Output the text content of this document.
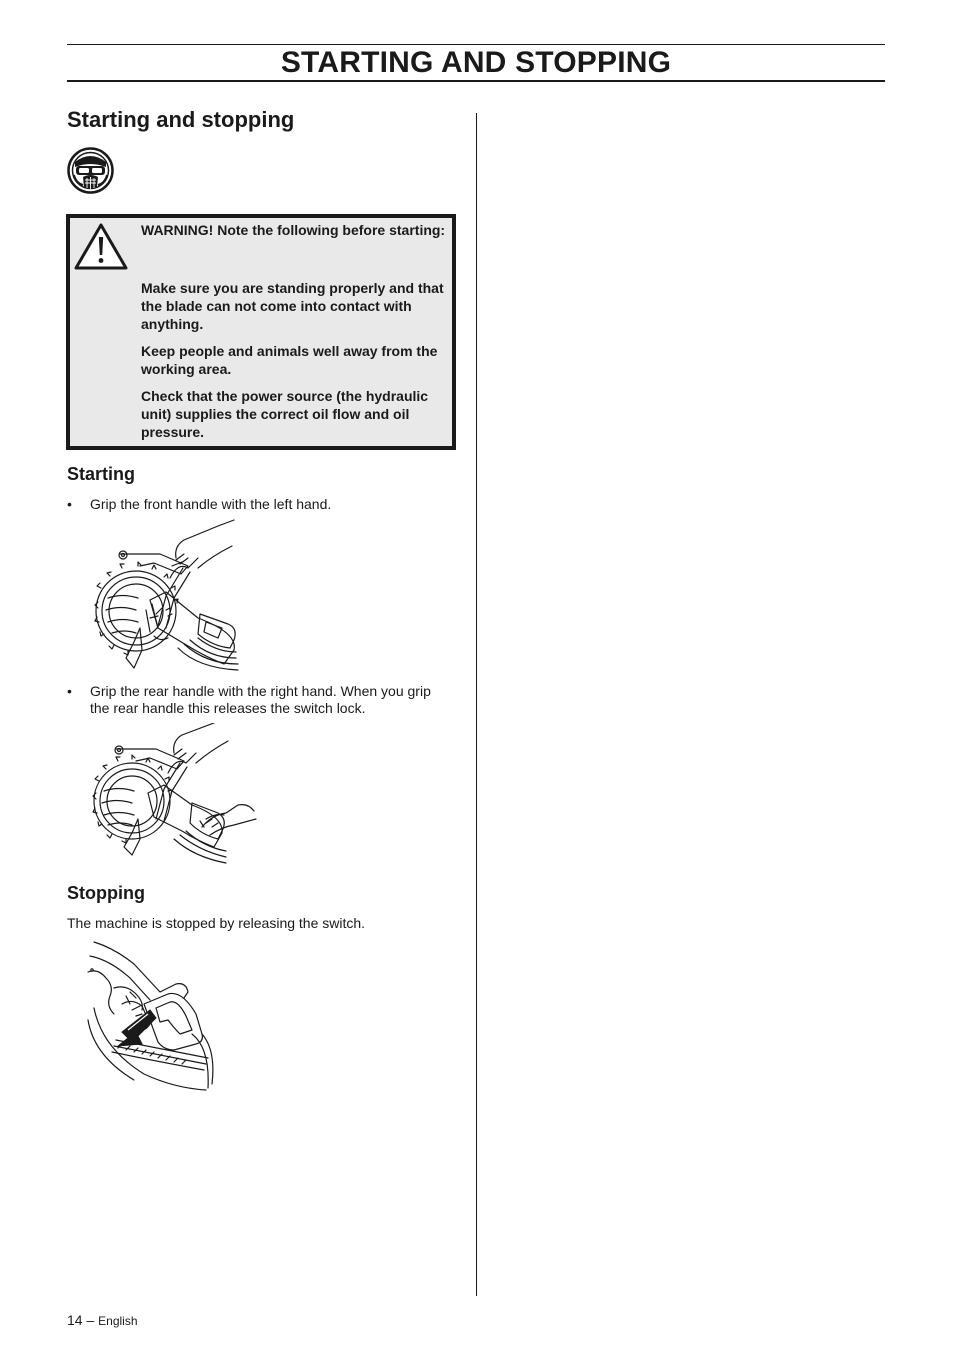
STARTING AND STOPPING
Starting and stopping
WARNING! Note the following before starting:
Make sure you are standing properly and that the blade can not come into contact with anything.
Keep people and animals well away from the working area.
Check that the power source (the hydraulic unit) supplies the correct oil flow and oil pressure.
Starting
• Grip the front handle with the left hand.
• Grip the rear handle with the right hand. When you grip
the rear handle this releases the switch lock.
Stopping
The machine is stopped by releasing the switch.
14 – English
